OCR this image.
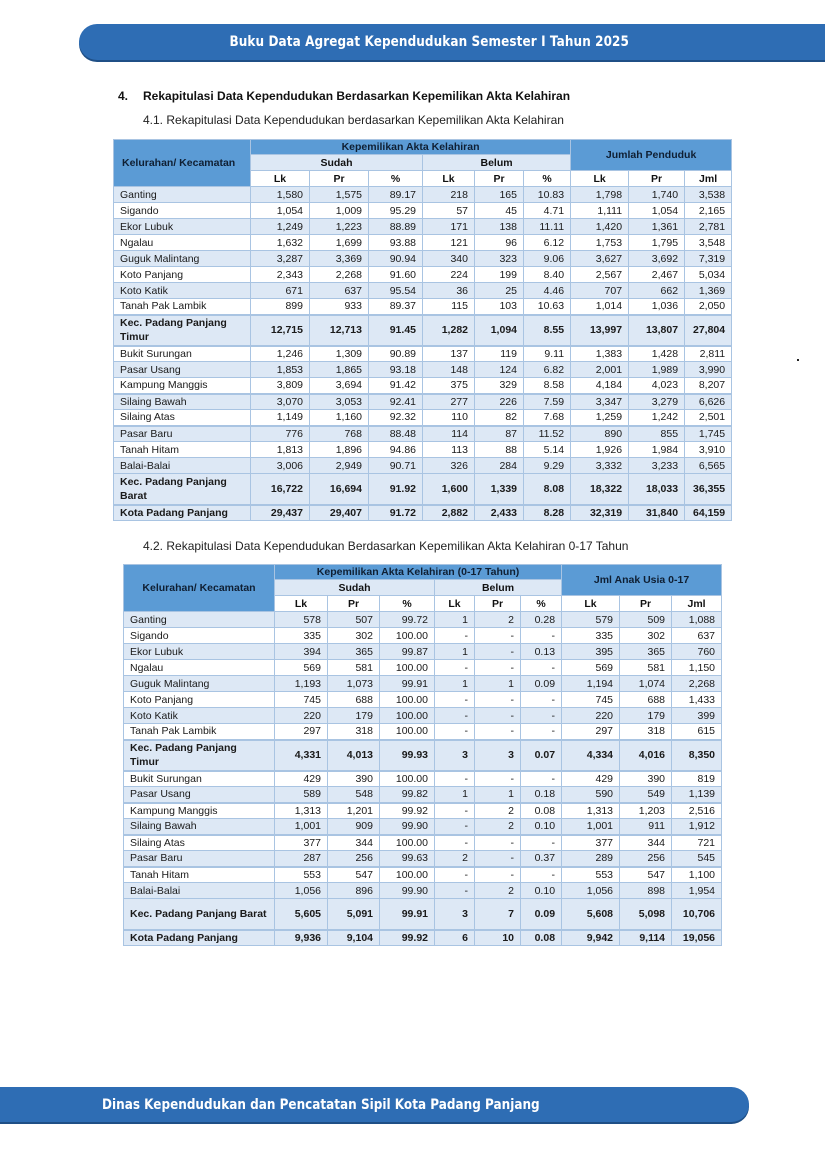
Buku Data Agregat Kependudukan Semester I Tahun 2025
4. Rekapitulasi Data Kependudukan Berdasarkan Kepemilikan Akta Kelahiran
4.1. Rekapitulasi Data Kependudukan berdasarkan Kepemilikan Akta Kelahiran
Kelurahan/ Kecamatan	Kepemilikan Akta Kelahiran						Jumlah Penduduk		
	Sudah			Belum					
	Lk	Pr	%	Lk	Pr	%	Lk	Pr	Jml
Ganting	1,580	1,575	89.17	218	165	10.83	1,798	1,740	3,538
Sigando	1,054	1,009	95.29	57	45	4.71	1,111	1,054	2,165
Ekor Lubuk	1,249	1,223	88.89	171	138	11.11	1,420	1,361	2,781
Ngalau	1,632	1,699	93.88	121	96	6.12	1,753	1,795	3,548
Guguk Malintang	3,287	3,369	90.94	340	323	9.06	3,627	3,692	7,319
Koto Panjang	2,343	2,268	91.60	224	199	8.40	2,567	2,467	5,034
Koto Katik	671	637	95.54	36	25	4.46	707	662	1,369
Tanah Pak Lambik	899	933	89.37	115	103	10.63	1,014	1,036	2,050
Kec. Padang Panjang Timur	12,715	12,713	91.45	1,282	1,094	8.55	13,997	13,807	27,804
Bukit Surungan	1,246	1,309	90.89	137	119	9.11	1,383	1,428	2,811
Pasar Usang	1,853	1,865	93.18	148	124	6.82	2,001	1,989	3,990
Kampung Manggis	3,809	3,694	91.42	375	329	8.58	4,184	4,023	8,207
Silaing Bawah	3,070	3,053	92.41	277	226	7.59	3,347	3,279	6,626
Silaing Atas	1,149	1,160	92.32	110	82	7.68	1,259	1,242	2,501
Pasar Baru	776	768	88.48	114	87	11.52	890	855	1,745
Tanah Hitam	1,813	1,896	94.86	113	88	5.14	1,926	1,984	3,910
Balai-Balai	3,006	2,949	90.71	326	284	9.29	3,332	3,233	6,565
Kec. Padang Panjang Barat	16,722	16,694	91.92	1,600	1,339	8.08	18,322	18,033	36,355
Kota Padang Panjang	29,437	29,407	91.72	2,882	2,433	8.28	32,319	31,840	64,159
4.2. Rekapitulasi Data Kependudukan Berdasarkan Kepemilikan Akta Kelahiran 0-17 Tahun
Kelurahan/ Kecamatan	Kepemilikan Akta Kelahiran (0-17 Tahun)						Jml Anak Usia 0-17		
	Sudah			Belum					
	Lk	Pr	%	Lk	Pr	%	Lk	Pr	Jml
Ganting	578	507	99.72	1	2	0.28	579	509	1,088
Sigando	335	302	100.00	-	-	-	335	302	637
Ekor Lubuk	394	365	99.87	1	-	0.13	395	365	760
Ngalau	569	581	100.00	-	-	-	569	581	1,150
Guguk Malintang	1,193	1,073	99.91	1	1	0.09	1,194	1,074	2,268
Koto Panjang	745	688	100.00	-	-	-	745	688	1,433
Koto Katik	220	179	100.00	-	-	-	220	179	399
Tanah Pak Lambik	297	318	100.00	-	-	-	297	318	615
Kec. Padang Panjang Timur	4,331	4,013	99.93	3	3	0.07	4,334	4,016	8,350
Bukit Surungan	429	390	100.00	-	-	-	429	390	819
Pasar Usang	589	548	99.82	1	1	0.18	590	549	1,139
Kampung Manggis	1,313	1,201	99.92	-	2	0.08	1,313	1,203	2,516
Silaing Bawah	1,001	909	99.90	-	2	0.10	1,001	911	1,912
Silaing Atas	377	344	100.00	-	-	-	377	344	721
Pasar Baru	287	256	99.63	2	-	0.37	289	256	545
Tanah Hitam	553	547	100.00	-	-	-	553	547	1,100
Balai-Balai	1,056	896	99.90	-	2	0.10	1,056	898	1,954
Kec. Padang Panjang Barat	5,605	5,091	99.91	3	7	0.09	5,608	5,098	10,706
Kota Padang Panjang	9,936	9,104	99.92	6	10	0.08	9,942	9,114	19,056
Dinas Kependudukan dan Pencatatan Sipil Kota Padang Panjang
